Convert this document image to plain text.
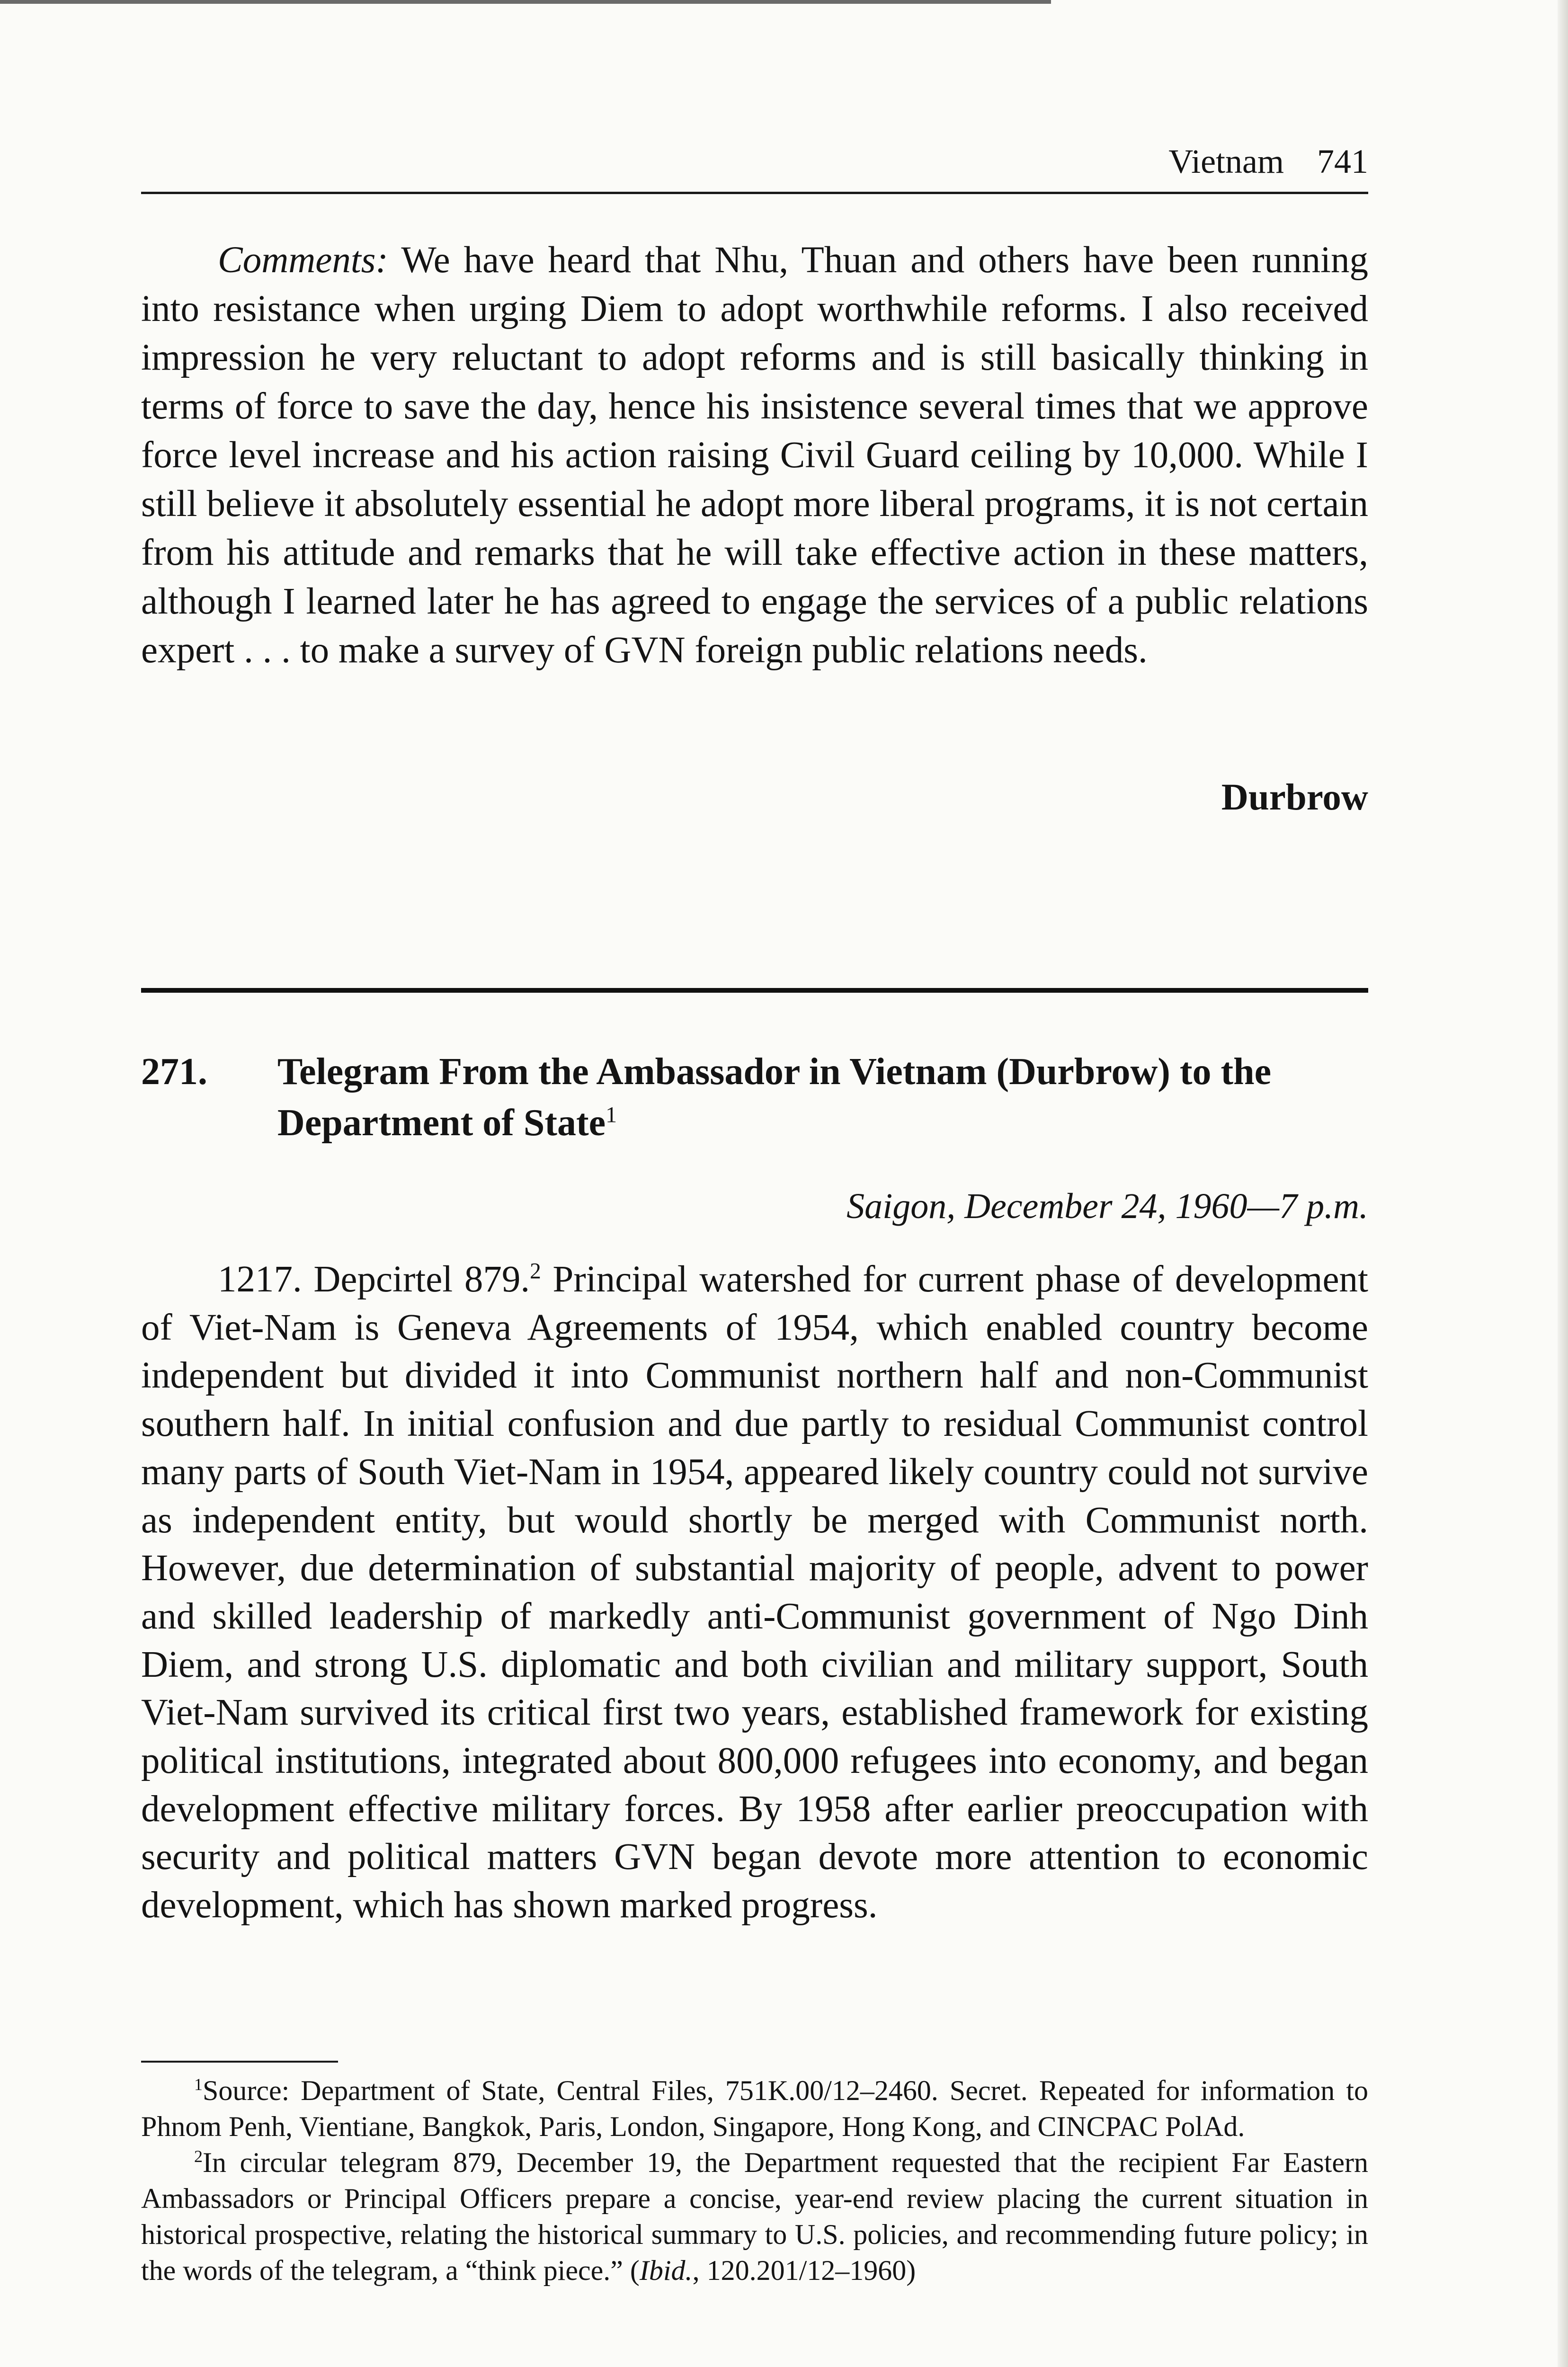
Vietnam 741

Comments: We have heard that Nhu, Thuan and others have been running into resistance when urging Diem to adopt worthwhile reforms. I also received impression he very reluctant to adopt reforms and is still basically thinking in terms of force to save the day, hence his insistence several times that we approve force level increase and his action raising Civil Guard ceiling by 10,000. While I still believe it absolutely essential he adopt more liberal programs, it is not certain from his attitude and remarks that he will take effective action in these matters, although I learned later he has agreed to engage the services of a public relations expert . . . to make a survey of GVN foreign public relations needs.

Durbrow

271. Telegram From the Ambassador in Vietnam (Durbrow) to the Department of State$^1$

Saigon, December 24, 1960—7 p.m.

1217. Depcirtel 879.$^2$ Principal watershed for current phase of development of Viet-Nam is Geneva Agreements of 1954, which enabled country become independent but divided it into Communist northern half and non-Communist southern half. In initial confusion and due partly to residual Communist control many parts of South Viet-Nam in 1954, appeared likely country could not survive as independent entity, but would shortly be merged with Communist north. However, due determination of substantial majority of people, advent to power and skilled leadership of markedly anti-Communist government of Ngo Dinh Diem, and strong U.S. diplomatic and both civilian and military support, South Viet-Nam survived its critical first two years, established framework for existing political institutions, integrated about 800,000 refugees into economy, and began development effective military forces. By 1958 after earlier preoccupation with security and political matters GVN began devote more attention to economic development, which has shown marked progress.

$^1$Source: Department of State, Central Files, 751K.00/12–2460. Secret. Repeated for information to Phnom Penh, Vientiane, Bangkok, Paris, London, Singapore, Hong Kong, and CINCPAC PolAd.

$^2$In circular telegram 879, December 19, the Department requested that the recipient Far Eastern Ambassadors or Principal Officers prepare a concise, year-end review placing the current situation in historical prospective, relating the historical summary to U.S. policies, and recommending future policy; in the words of the telegram, a “think piece.” (Ibid., 120.201/12–1960)
